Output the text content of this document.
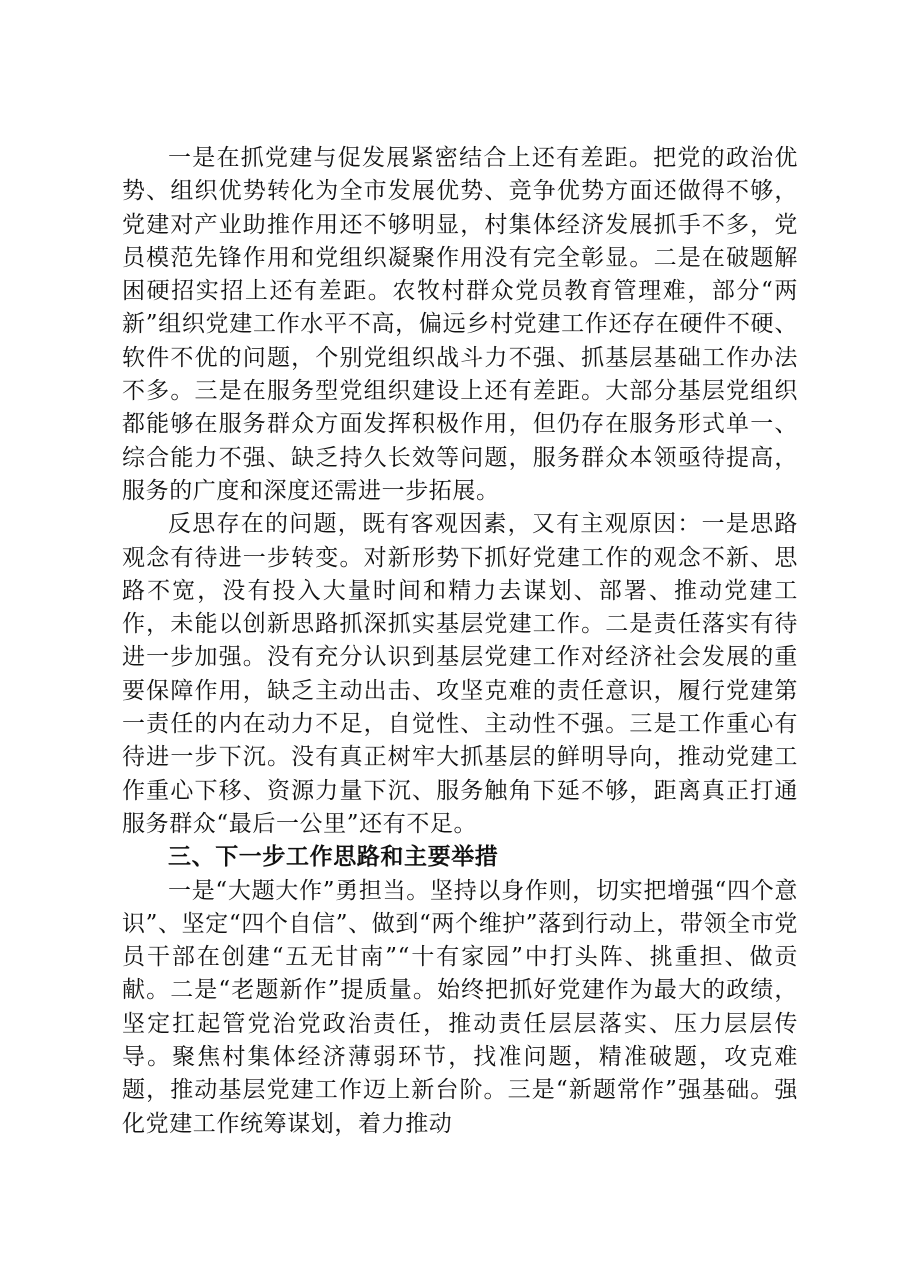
一是在抓党建与促发展紧密结合上还有差距。把党的政治优势、组织优势转化为全市发展优势、竞争优势方面还做得不够，党建对产业助推作用还不够明显，村集体经济发展抓手不多，党员模范先锋作用和党组织凝聚作用没有完全彰显。二是在破题解困硬招实招上还有差距。农牧村群众党员教育管理难，部分“两新”组织党建工作水平不高，偏远乡村党建工作还存在硬件不硬、软件不优的问题，个别党组织战斗力不强、抓基层基础工作办法不多。三是在服务型党组织建设上还有差距。大部分基层党组织都能够在服务群众方面发挥积极作用，但仍存在服务形式单一、综合能力不强、缺乏持久长效等问题，服务群众本领亟待提高，服务的广度和深度还需进一步拓展。

反思存在的问题，既有客观因素，又有主观原因：一是思路观念有待进一步转变。对新形势下抓好党建工作的观念不新、思路不宽，没有投入大量时间和精力去谋划、部署、推动党建工作，未能以创新思路抓深抓实基层党建工作。二是责任落实有待进一步加强。没有充分认识到基层党建工作对经济社会发展的重要保障作用，缺乏主动出击、攻坚克难的责任意识，履行党建第一责任的内在动力不足，自觉性、主动性不强。三是工作重心有待进一步下沉。没有真正树牢大抓基层的鲜明导向，推动党建工作重心下移、资源力量下沉、服务触角下延不够，距离真正打通服务群众“最后一公里”还有不足。

三、下一步工作思路和主要举措

一是“大题大作”勇担当。坚持以身作则，切实把增强“四个意识”、坚定“四个自信”、做到“两个维护”落到行动上，带领全市党员干部在创建“五无甘南”“十有家园”中打头阵、挑重担、做贡献。二是“老题新作”提质量。始终把抓好党建作为最大的政绩，坚定扛起管党治党政治责任，推动责任层层落实、压力层层传导。聚焦村集体经济薄弱环节，找准问题，精准破题，攻克难题，推动基层党建工作迈上新台阶。三是“新题常作”强基础。强化党建工作统筹谋划，着力推动
